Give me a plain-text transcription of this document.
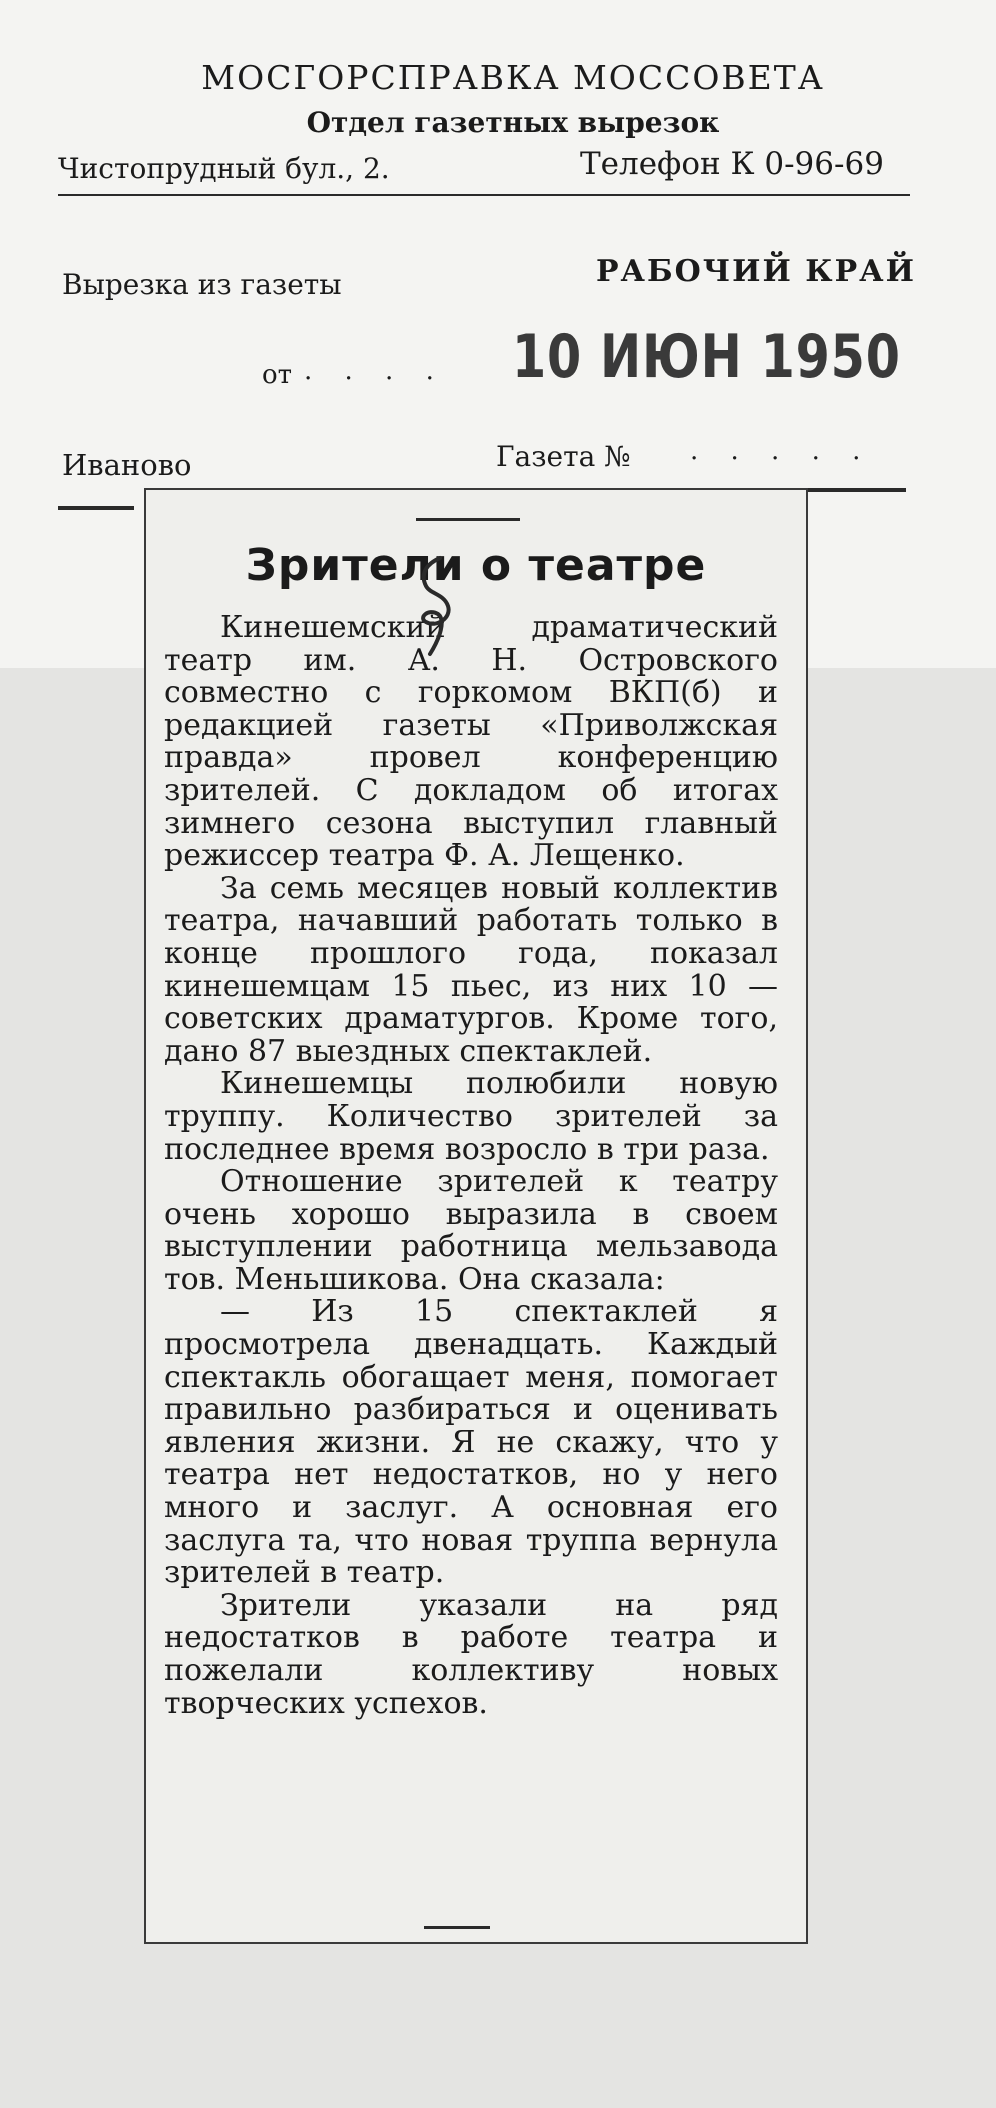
МОСГОРСПРАВКА МОССОВЕТА
Отдел газетных вырезок
Чистопрудный бул., 2.	Телефон К 0-96-69
Вырезка из газеты	РАБОЧИЙ КРАЙ
от . . . . 10 ИЮН 1950
Иваново	Газета № . . . . .
Зрители о театре

Кинешемский драматический театр им. А. Н. Островского совместно с горкомом ВКП(б) и редакцией газеты «Приволжская правда» провел конференцию зрителей. С докладом об итогах зимнего сезона выступил главный режиссер театра Ф. А. Лещенко.

За семь месяцев новый коллектив театра, начавший работать только в конце прошлого года, показал кинешемцам 15 пьес, из них 10 — советских драматургов. Кроме того, дано 87 выездных спектаклей.

Кинешемцы полюбили новую труппу. Количество зрителей за последнее время возросло в три раза.

Отношение зрителей к театру очень хорошо выразила в своем выступлении работница мельзавода тов. Меньшикова. Она сказала:

— Из 15 спектаклей я просмотрела двенадцать. Каждый спектакль обогащает меня, помогает правильно разбираться и оценивать явления жизни. Я не скажу, что у театра нет недостатков, но у него много и заслуг. А основная его заслуга та, что новая труппа вернула зрителей в театр.

Зрители указали на ряд недостатков в работе театра и пожелали коллективу новых творческих успехов.
